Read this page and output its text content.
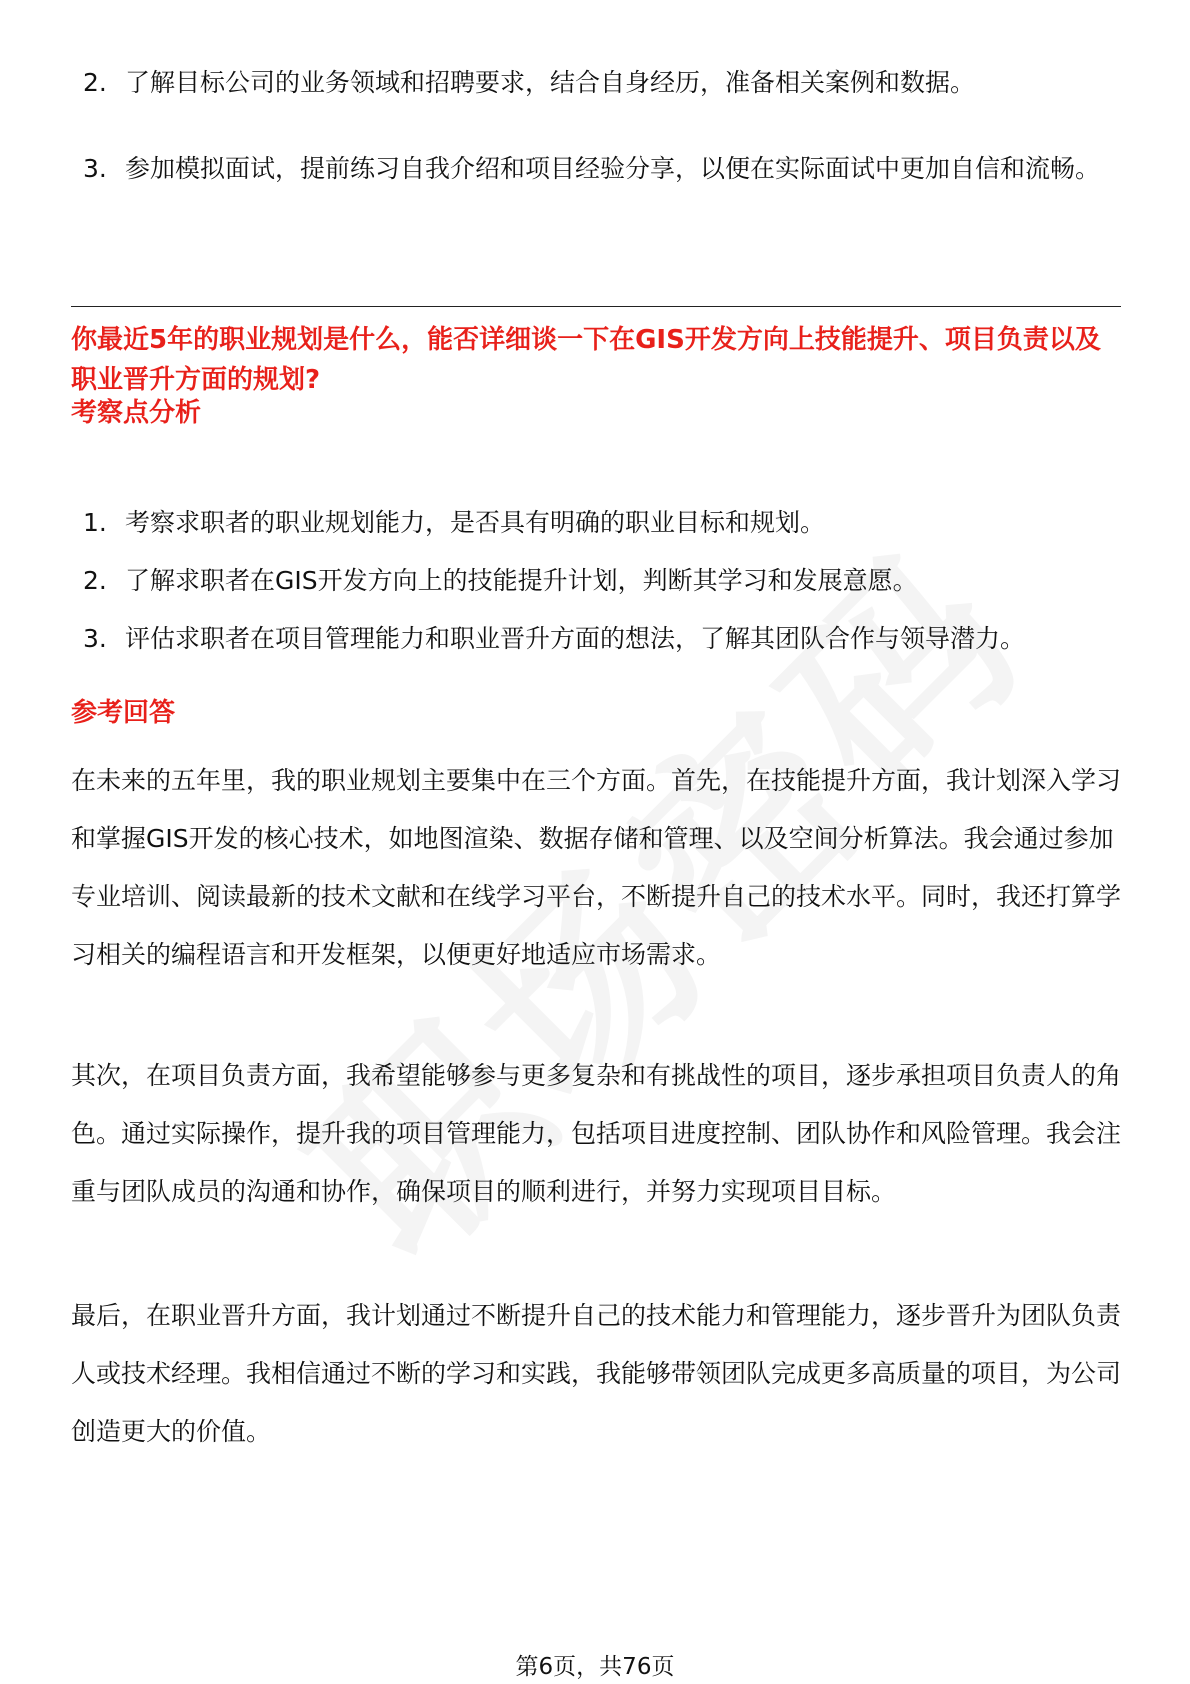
2. 了解目标公司的业务领域和招聘要求，结合自身经历，准备相关案例和数据。
3. 参加模拟面试，提前练习自我介绍和项目经验分享，以便在实际面试中更加自信和流畅。
你最近5年的职业规划是什么，能否详细谈一下在GIS开发方向上技能提升、项目负责以及职业晋升方面的规划?
考察点分析
1. 考察求职者的职业规划能力，是否具有明确的职业目标和规划。
2. 了解求职者在GIS开发方向上的技能提升计划，判断其学习和发展意愿。
3. 评估求职者在项目管理能力和职业晋升方面的想法，了解其团队合作与领导潜力。
参考回答

在未来的五年里，我的职业规划主要集中在三个方面。首先，在技能提升方面，我计划深入学习和掌握GIS开发的核心技术，如地图渲染、数据存储和管理、以及空间分析算法。我会通过参加专业培训、阅读最新的技术文献和在线学习平台，不断提升自己的技术水平。同时，我还打算学习相关的编程语言和开发框架，以便更好地适应市场需求。

其次，在项目负责方面，我希望能够参与更多复杂和有挑战性的项目，逐步承担项目负责人的角色。通过实际操作，提升我的项目管理能力，包括项目进度控制、团队协作和风险管理。我会注重与团队成员的沟通和协作，确保项目的顺利进行，并努力实现项目目标。

最后，在职业晋升方面，我计划通过不断提升自己的技术能力和管理能力，逐步晋升为团队负责人或技术经理。我相信通过不断的学习和实践，我能够带领团队完成更多高质量的项目，为公司创造更大的价值。

第6页，共76页
